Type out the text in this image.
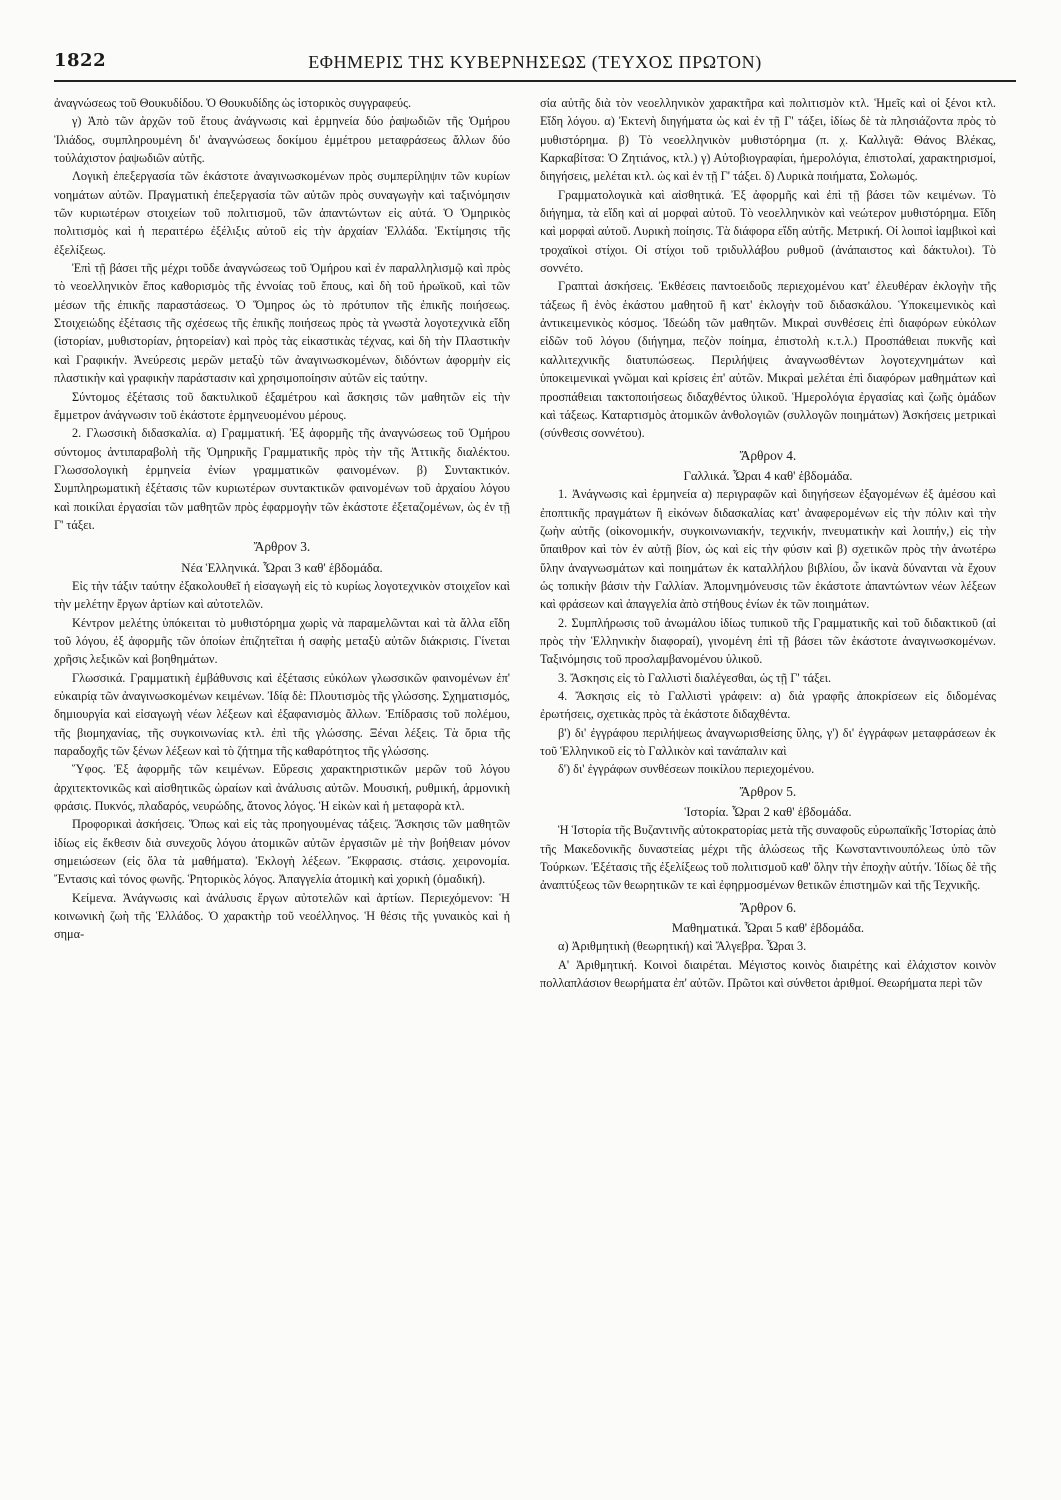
1822	ΕΦΗΜΕΡΙΣ ΤΗΣ ΚΥΒΕΡΝΗΣΕΩΣ (ΤΕΥΧΟΣ ΠΡΩΤΟΝ)

ἀναγνώσεως τοῦ Θουκυδίδου. Ὁ Θουκυδίδης ὡς ἱστορικὸς συγγραφεύς.

γ) Ἀπὸ τῶν ἀρχῶν τοῦ ἔτους ἀνάγνωσις καὶ ἑρμηνεία δύο ῥαψωδιῶν τῆς Ὁμήρου Ἰλιάδος, συμπληρουμένη δι' ἀναγνώσεως δοκίμου ἐμμέτρου μεταφράσεως ἄλλων δύο τοὐλάχιστον ῥαψωδιῶν αὐτῆς.

Λογικὴ ἐπεξεργασία τῶν ἑκάστοτε ἀναγινωσκομένων πρὸς συμπερίληψιν τῶν κυρίων νοημάτων αὐτῶν. Πραγματικὴ ἐπεξεργασία τῶν αὐτῶν πρὸς συναγωγὴν καὶ ταξινόμησιν τῶν κυριωτέρων στοιχείων τοῦ πολιτισμοῦ, τῶν ἀπαντώντων εἰς αὐτά. Ὁ Ὁμηρικὸς πολιτισμὸς καὶ ἡ περαιτέρω ἐξέλιξις αὐτοῦ εἰς τὴν ἀρχαίαν Ἑλλάδα. Ἐκτίμησις τῆς ἐξελίξεως.

Ἐπὶ τῇ βάσει τῆς μέχρι τοῦδε ἀναγνώσεως τοῦ Ὁμήρου καὶ ἐν παραλληλισμῷ καὶ πρὸς τὸ νεοελληνικὸν ἔπος καθορισμὸς τῆς ἐννοίας τοῦ ἔπους, καὶ δὴ τοῦ ἡρωϊκοῦ, καὶ τῶν μέσων τῆς ἐπικῆς παραστάσεως. Ὁ Ὅμηρος ὡς τὸ πρότυπον τῆς ἐπικῆς ποιήσεως. Στοιχειώδης ἐξέτασις τῆς σχέσεως τῆς ἐπικῆς ποιήσεως πρὸς τὰ γνωστὰ λογοτεχνικὰ εἴδη (ἱστορίαν, μυθιστορίαν, ῥητορείαν) καὶ πρὸς τὰς εἰκαστικὰς τέχνας, καὶ δὴ τὴν Πλαστικὴν καὶ Γραφικήν. Ἀνεύρεσις μερῶν μεταξὺ τῶν ἀναγινωσκομένων, διδόντων ἀφορμὴν εἰς πλαστικὴν καὶ γραφικὴν παράστασιν καὶ χρησιμοποίησιν αὐτῶν εἰς ταύτην.

Σύντομος ἐξέτασις τοῦ δακτυλικοῦ ἑξαμέτρου καὶ ἄσκησις τῶν μαθητῶν εἰς τὴν ἔμμετρον ἀνάγνωσιν τοῦ ἑκάστοτε ἑρμηνευομένου μέρους.

2. Γλωσσικὴ διδασκαλία. α) Γραμματική. Ἐξ ἀφορμῆς τῆς ἀναγνώσεως τοῦ Ὁμήρου σύντομος ἀντιπαραβολὴ τῆς Ὁμηρικῆς Γραμματικῆς πρὸς τὴν τῆς Ἀττικῆς διαλέκτου. Γλωσσολογικὴ ἑρμηνεία ἐνίων γραμματικῶν φαινομένων. β) Συντακτικόν. Συμπληρωματικὴ ἐξέτασις τῶν κυριωτέρων συντακτικῶν φαινομένων τοῦ ἀρχαίου λόγου καὶ ποικίλαι ἐργασίαι τῶν μαθητῶν πρὸς ἐφαρμογὴν τῶν ἑκάστοτε ἐξεταζομένων, ὡς ἐν τῇ Γ' τάξει.

Ἄρθρον 3.

Νέα Ἑλληνικά. Ὧραι 3 καθ' ἑβδομάδα.

Εἰς τὴν τάξιν ταύτην ἐξακολουθεῖ ἡ εἰσαγωγὴ εἰς τὸ κυρίως λογοτεχνικὸν στοιχεῖον καὶ τὴν μελέτην ἔργων ἀρτίων καὶ αὐτοτελῶν.

Κέντρον μελέτης ὑπόκειται τὸ μυθιστόρημα χωρὶς νὰ παραμελῶνται καὶ τὰ ἄλλα εἴδη τοῦ λόγου, ἐξ ἀφορμῆς τῶν ὁποίων ἐπιζητεῖται ἡ σαφὴς μεταξὺ αὐτῶν διάκρισις. Γίνεται χρῆσις λεξικῶν καὶ βοηθημάτων.

Γλωσσικά. Γραμματικὴ ἐμβάθυνσις καὶ ἐξέτασις εὐκόλων γλωσσικῶν φαινομένων ἐπ' εὐκαιρίᾳ τῶν ἀναγινωσκομένων κειμένων. Ἰδίᾳ δὲ: Πλουτισμὸς τῆς γλώσσης. Σχηματισμός, δημιουργία καὶ εἰσαγωγὴ νέων λέξεων καὶ ἐξαφανισμὸς ἄλλων. Ἐπίδρασις τοῦ πολέμου, τῆς βιομηχανίας, τῆς συγκοινωνίας κτλ. ἐπὶ τῆς γλώσσης. Ξέναι λέξεις. Τὰ ὅρια τῆς παραδοχῆς τῶν ξένων λέξεων καὶ τὸ ζήτημα τῆς καθαρότητος τῆς γλώσσης.

Ὕφος. Ἐξ ἀφορμῆς τῶν κειμένων. Εὕρεσις χαρακτηριστικῶν μερῶν τοῦ λόγου ἀρχιτεκτονικῶς καὶ αἰσθητικῶς ὡραίων καὶ ἀνάλυσις αὐτῶν. Μουσική, ρυθμική, ἁρμονικὴ φράσις. Πυκνός, πλαδαρός, νευρώδης, ἄτονος λόγος. Ἡ εἰκὼν καὶ ἡ μεταφορὰ κτλ.

Προφορικαὶ ἀσκήσεις. Ὅπως καὶ εἰς τὰς προηγουμένας τάξεις. Ἄσκησις τῶν μαθητῶν ἰδίως εἰς ἔκθεσιν διὰ συνεχοῦς λόγου ἀτομικῶν αὐτῶν ἐργασιῶν μὲ τὴν βοήθειαν μόνον σημειώσεων (εἰς ὅλα τὰ μαθήματα). Ἐκλογὴ λέξεων. Ἔκφρασις. στάσις. χειρονομία. Ἔντασις καὶ τόνος φωνῆς. Ῥητορικὸς λόγος. Ἀπαγγελία ἀτομικὴ καὶ χορικὴ (ὁμαδική).

Κείμενα. Ἀνάγνωσις καὶ ἀνάλυσις ἔργων αὐτοτελῶν καὶ ἀρτίων. Περιεχόμενον: Ἡ κοινωνικὴ ζωὴ τῆς Ἑλλάδος. Ὁ χαρακτὴρ τοῦ νεοέλληνος. Ἡ θέσις τῆς γυναικὸς καὶ ἡ σημα-

σία αὐτῆς διὰ τὸν νεοελληνικὸν χαρακτῆρα καὶ πολιτισμὸν κτλ. Ἡμεῖς καὶ οἱ ξένοι κτλ. Εἴδη λόγου. α) Ἐκτενὴ διηγήματα ὡς καὶ ἐν τῇ Γ' τάξει, ἰδίως δὲ τὰ πλησιάζοντα πρὸς τὸ μυθιστόρημα. β) Τὸ νεοελληνικὸν μυθιστόρημα (π. χ. Καλλιγᾶ: Θάνος Βλέκας, Καρκαβίτσα: Ὁ Ζητιάνος, κτλ.) γ) Αὐτοβιογραφίαι, ἡμερολόγια, ἐπιστολαί, χαρακτηρισμοί, διηγήσεις, μελέται κτλ. ὡς καὶ ἐν τῇ Γ' τάξει. δ) Λυρικὰ ποιήματα, Σολωμός.

Γραμματολογικὰ καὶ αἰσθητικά. Ἐξ ἀφορμῆς καὶ ἐπὶ τῇ βάσει τῶν κειμένων. Τὸ διήγημα, τὰ εἴδη καὶ αἱ μορφαὶ αὐτοῦ. Τὸ νεοελληνικὸν καὶ νεώτερον μυθιστόρημα. Εἴδη καὶ μορφαὶ αὐτοῦ. Λυρικὴ ποίησις. Τὰ διάφορα εἴδη αὐτῆς. Μετρική. Οἱ λοιποὶ ἰαμβικοὶ καὶ τροχαϊκοὶ στίχοι. Οἱ στίχοι τοῦ τριδυλλάβου ρυθμοῦ (ἀνάπαιστος καὶ δάκτυλοι). Τὸ σοννέτο.

Γραπταὶ ἀσκήσεις. Ἐκθέσεις παντοειδοῦς περιεχομένου κατ' ἐλευθέραν ἐκλογὴν τῆς τάξεως ἢ ἑνὸς ἑκάστου μαθητοῦ ἢ κατ' ἐκλογὴν τοῦ διδασκάλου. Ὑποκειμενικὸς καὶ ἀντικειμενικὸς κόσμος. Ἰδεώδη τῶν μαθητῶν. Μικραὶ συνθέσεις ἐπὶ διαφόρων εὐκόλων εἰδῶν τοῦ λόγου (διήγημα, πεζὸν ποίημα, ἐπιστολὴ κ.τ.λ.) Προσπάθειαι πυκνῆς καὶ καλλιτεχνικῆς διατυπώσεως. Περιλήψεις ἀναγνωσθέντων λογοτεχνημάτων καὶ ὑποκειμενικαὶ γνῶμαι καὶ κρίσεις ἐπ' αὐτῶν. Μικραὶ μελέται ἐπὶ διαφόρων μαθημάτων καὶ προσπάθειαι τακτοποιήσεως διδαχθέντος ὑλικοῦ. Ἡμερολόγια ἐργασίας καὶ ζωῆς ὁμάδων καὶ τάξεως. Καταρτισμὸς ἀτομικῶν ἀνθολογιῶν (συλλογῶν ποιημάτων) Ἀσκήσεις μετρικαὶ (σύνθεσις σοννέτου).

Ἄρθρον 4.

Γαλλικά. Ὧραι 4 καθ' ἑβδομάδα.

1. Ἀνάγνωσις καὶ ἑρμηνεία α) περιγραφῶν καὶ διηγήσεων ἐξαγομένων ἐξ ἀμέσου καὶ ἐποπτικῆς πραγμάτων ἢ εἰκόνων διδασκαλίας κατ' ἀναφερομένων εἰς τὴν πόλιν καὶ τὴν ζωὴν αὐτῆς (οἰκονομικήν, συγκοινωνιακήν, τεχνικήν, πνευματικὴν καὶ λοιπήν,) εἰς τὴν ὕπαιθρον καὶ τὸν ἐν αὐτῇ βίον, ὡς καὶ εἰς τὴν φύσιν καὶ β) σχετικῶν πρὸς τὴν ἀνωτέρω ὕλην ἀναγνωσμάτων καὶ ποιημάτων ἐκ καταλλήλου βιβλίου, ὧν ἱκανὰ δύνανται νὰ ἔχουν ὡς τοπικὴν βάσιν τὴν Γαλλίαν. Ἀπομνημόνευσις τῶν ἑκάστοτε ἀπαντώντων νέων λέξεων καὶ φράσεων καὶ ἀπαγγελία ἀπὸ στήθους ἐνίων ἐκ τῶν ποιημάτων.

2. Συμπλήρωσις τοῦ ἀνωμάλου ἰδίως τυπικοῦ τῆς Γραμματικῆς καὶ τοῦ διδακτικοῦ (αἱ πρὸς τὴν Ἑλληνικὴν διαφοραί), γινομένη ἐπὶ τῇ βάσει τῶν ἑκάστοτε ἀναγινωσκομένων. Ταξινόμησις τοῦ προσλαμβανομένου ὑλικοῦ.

3. Ἄσκησις εἰς τὸ Γαλλιστὶ διαλέγεσθαι, ὡς τῇ Γ' τάξει.

4. Ἄσκησις εἰς τὸ Γαλλιστὶ γράφειν: α) διὰ γραφῆς ἀποκρίσεων εἰς διδομένας ἐρωτήσεις, σχετικὰς πρὸς τὰ ἑκάστοτε διδαχθέντα.

β') δι' ἐγγράφου περιλήψεως ἀναγνωρισθείσης ὕλης, γ') δι' ἐγγράφων μεταφράσεων ἐκ τοῦ Ἑλληνικοῦ εἰς τὸ Γαλλικὸν καὶ τανάπαλιν καὶ

δ') δι' ἐγγράφων συνθέσεων ποικίλου περιεχομένου.

Ἄρθρον 5.

Ἱστορία. Ὧραι 2 καθ' ἑβδομάδα.

Ἡ Ἱστορία τῆς Βυζαντινῆς αὐτοκρατορίας μετὰ τῆς συναφοῦς εὐρωπαϊκῆς Ἱστορίας ἀπὸ τῆς Μακεδονικῆς δυναστείας μέχρι τῆς ἁλώσεως τῆς Κωνσταντινουπόλεως ὑπὸ τῶν Τούρκων. Ἐξέτασις τῆς ἐξελίξεως τοῦ πολιτισμοῦ καθ' ὅλην τὴν ἐποχὴν αὐτήν. Ἰδίως δὲ τῆς ἀναπτύξεως τῶν θεωρητικῶν τε καὶ ἐφηρμοσμένων θετικῶν ἐπιστημῶν καὶ τῆς Τεχνικῆς.

Ἄρθρον 6.

Μαθηματικά. Ὧραι 5 καθ' ἑβδομάδα.

α) Ἀριθμητικὴ (θεωρητική) καὶ Ἄλγεβρα. Ὧραι 3.

Α' Ἀριθμητική. Κοινοὶ διαιρέται. Μέγιστος κοινὸς διαιρέτης καὶ ἐλάχιστον κοινὸν πολλαπλάσιον θεωρήματα ἐπ' αὐτῶν. Πρῶτοι καὶ σύνθετοι ἀριθμοί. Θεωρήματα περὶ τῶν
